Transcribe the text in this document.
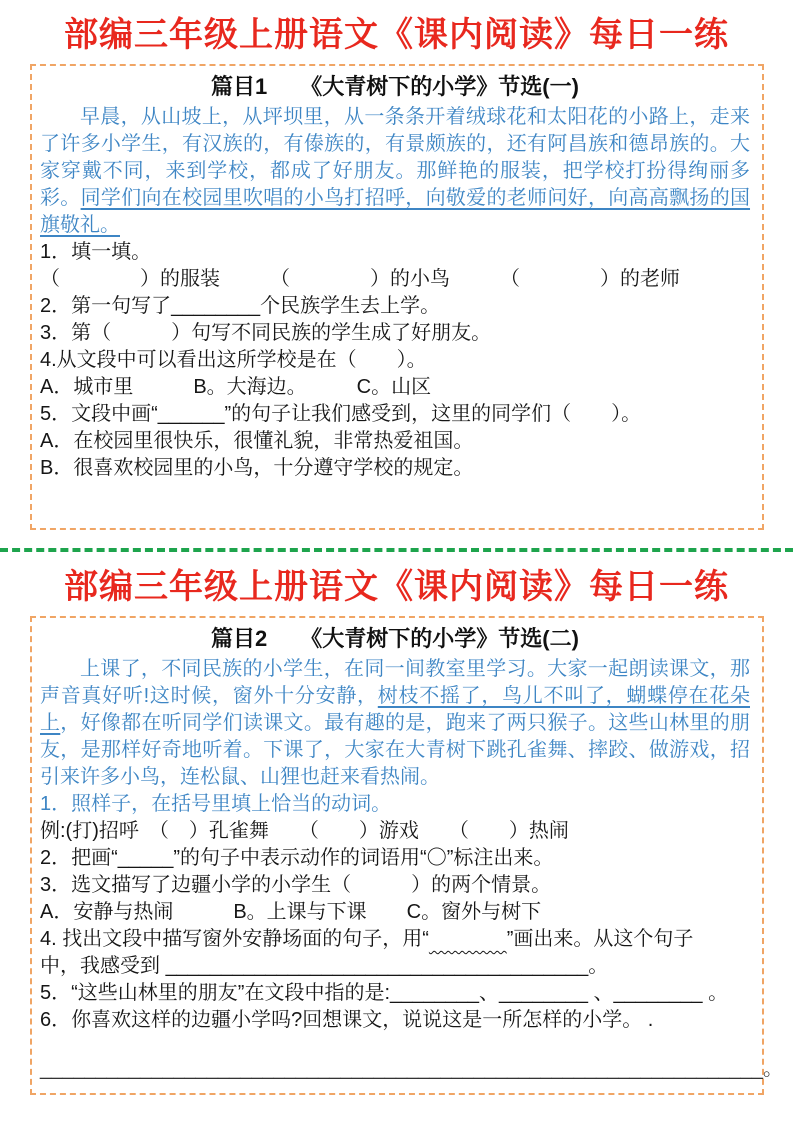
部编三年级上册语文《课内阅读》每日一练
篇目1　　《大青树下的小学》节选(一)

早晨，从山坡上，从坪坝里，从一条条开着绒球花和太阳花的小路上，走来了许多小学生，有汉族的，有傣族的，有景颇族的，还有阿昌族和德昂族的。大家穿戴不同，来到学校，都成了好朋友。那鲜艳的服装，把学校打扮得绚丽多彩。同学们向在校园里吹唱的小鸟打招呼，向敬爱的老师问好，向高高飘扬的国旗敬礼。

1．填一填。
（　　　　）的服装　　　（　　　　）的小鸟　　　（　　　　）的老师
2．第一句写了________个民族学生去上学。
3．第（　　　）句写不同民族的学生成了好朋友。
4.从文段中可以看出这所学校是在（　　）。
A．城市里　　　B。大海边。　　　C。山区
5．文段中画“______”的句子让我们感受到，这里的同学们（　　）。
A．在校园里很快乐，很懂礼貌，非常热爱祖国。
B．很喜欢校园里的小鸟，十分遵守学校的规定。
部编三年级上册语文《课内阅读》每日一练
篇目2　　《大青树下的小学》节选(二)

上课了，不同民族的小学生，在同一间教室里学习。大家一起朗读课文，那声音真好听!这时候，窗外十分安静，树枝不摇了，鸟儿不叫了，蝴蝶停在花朵上，好像都在听同学们读课文。最有趣的是，跑来了两只猴子。这些山林里的朋友，是那样好奇地听着。下课了，大家在大青树下跳孔雀舞、摔跤、做游戏，招引来许多小鸟，连松鼠、山狸也赶来看热闹。

1．照样子，在括号里填上恰当的动词。
例:(打)招呼　（　）孔雀舞　　（　　）游戏　　（　　）热闹
2．把画“_____”的句子中表示动作的词语用“〇”标注出来。
3．选文描写了边疆小学的小学生（　　　）的两个情景。
A．安静与热闹　　　B。上课与下课　　C。窗外与树下
4. 找出文段中描写窗外安静场面的句子，用“	”画出来。从这个句子
中，我感受到 ______________________________________。
5．“这些山林里的朋友”在文段中指的是:________、________ 、________ 。
6．你喜欢这样的边疆小学吗?回想课文，说说这是一所怎样的小学。 .
_________________________________________________________________。
